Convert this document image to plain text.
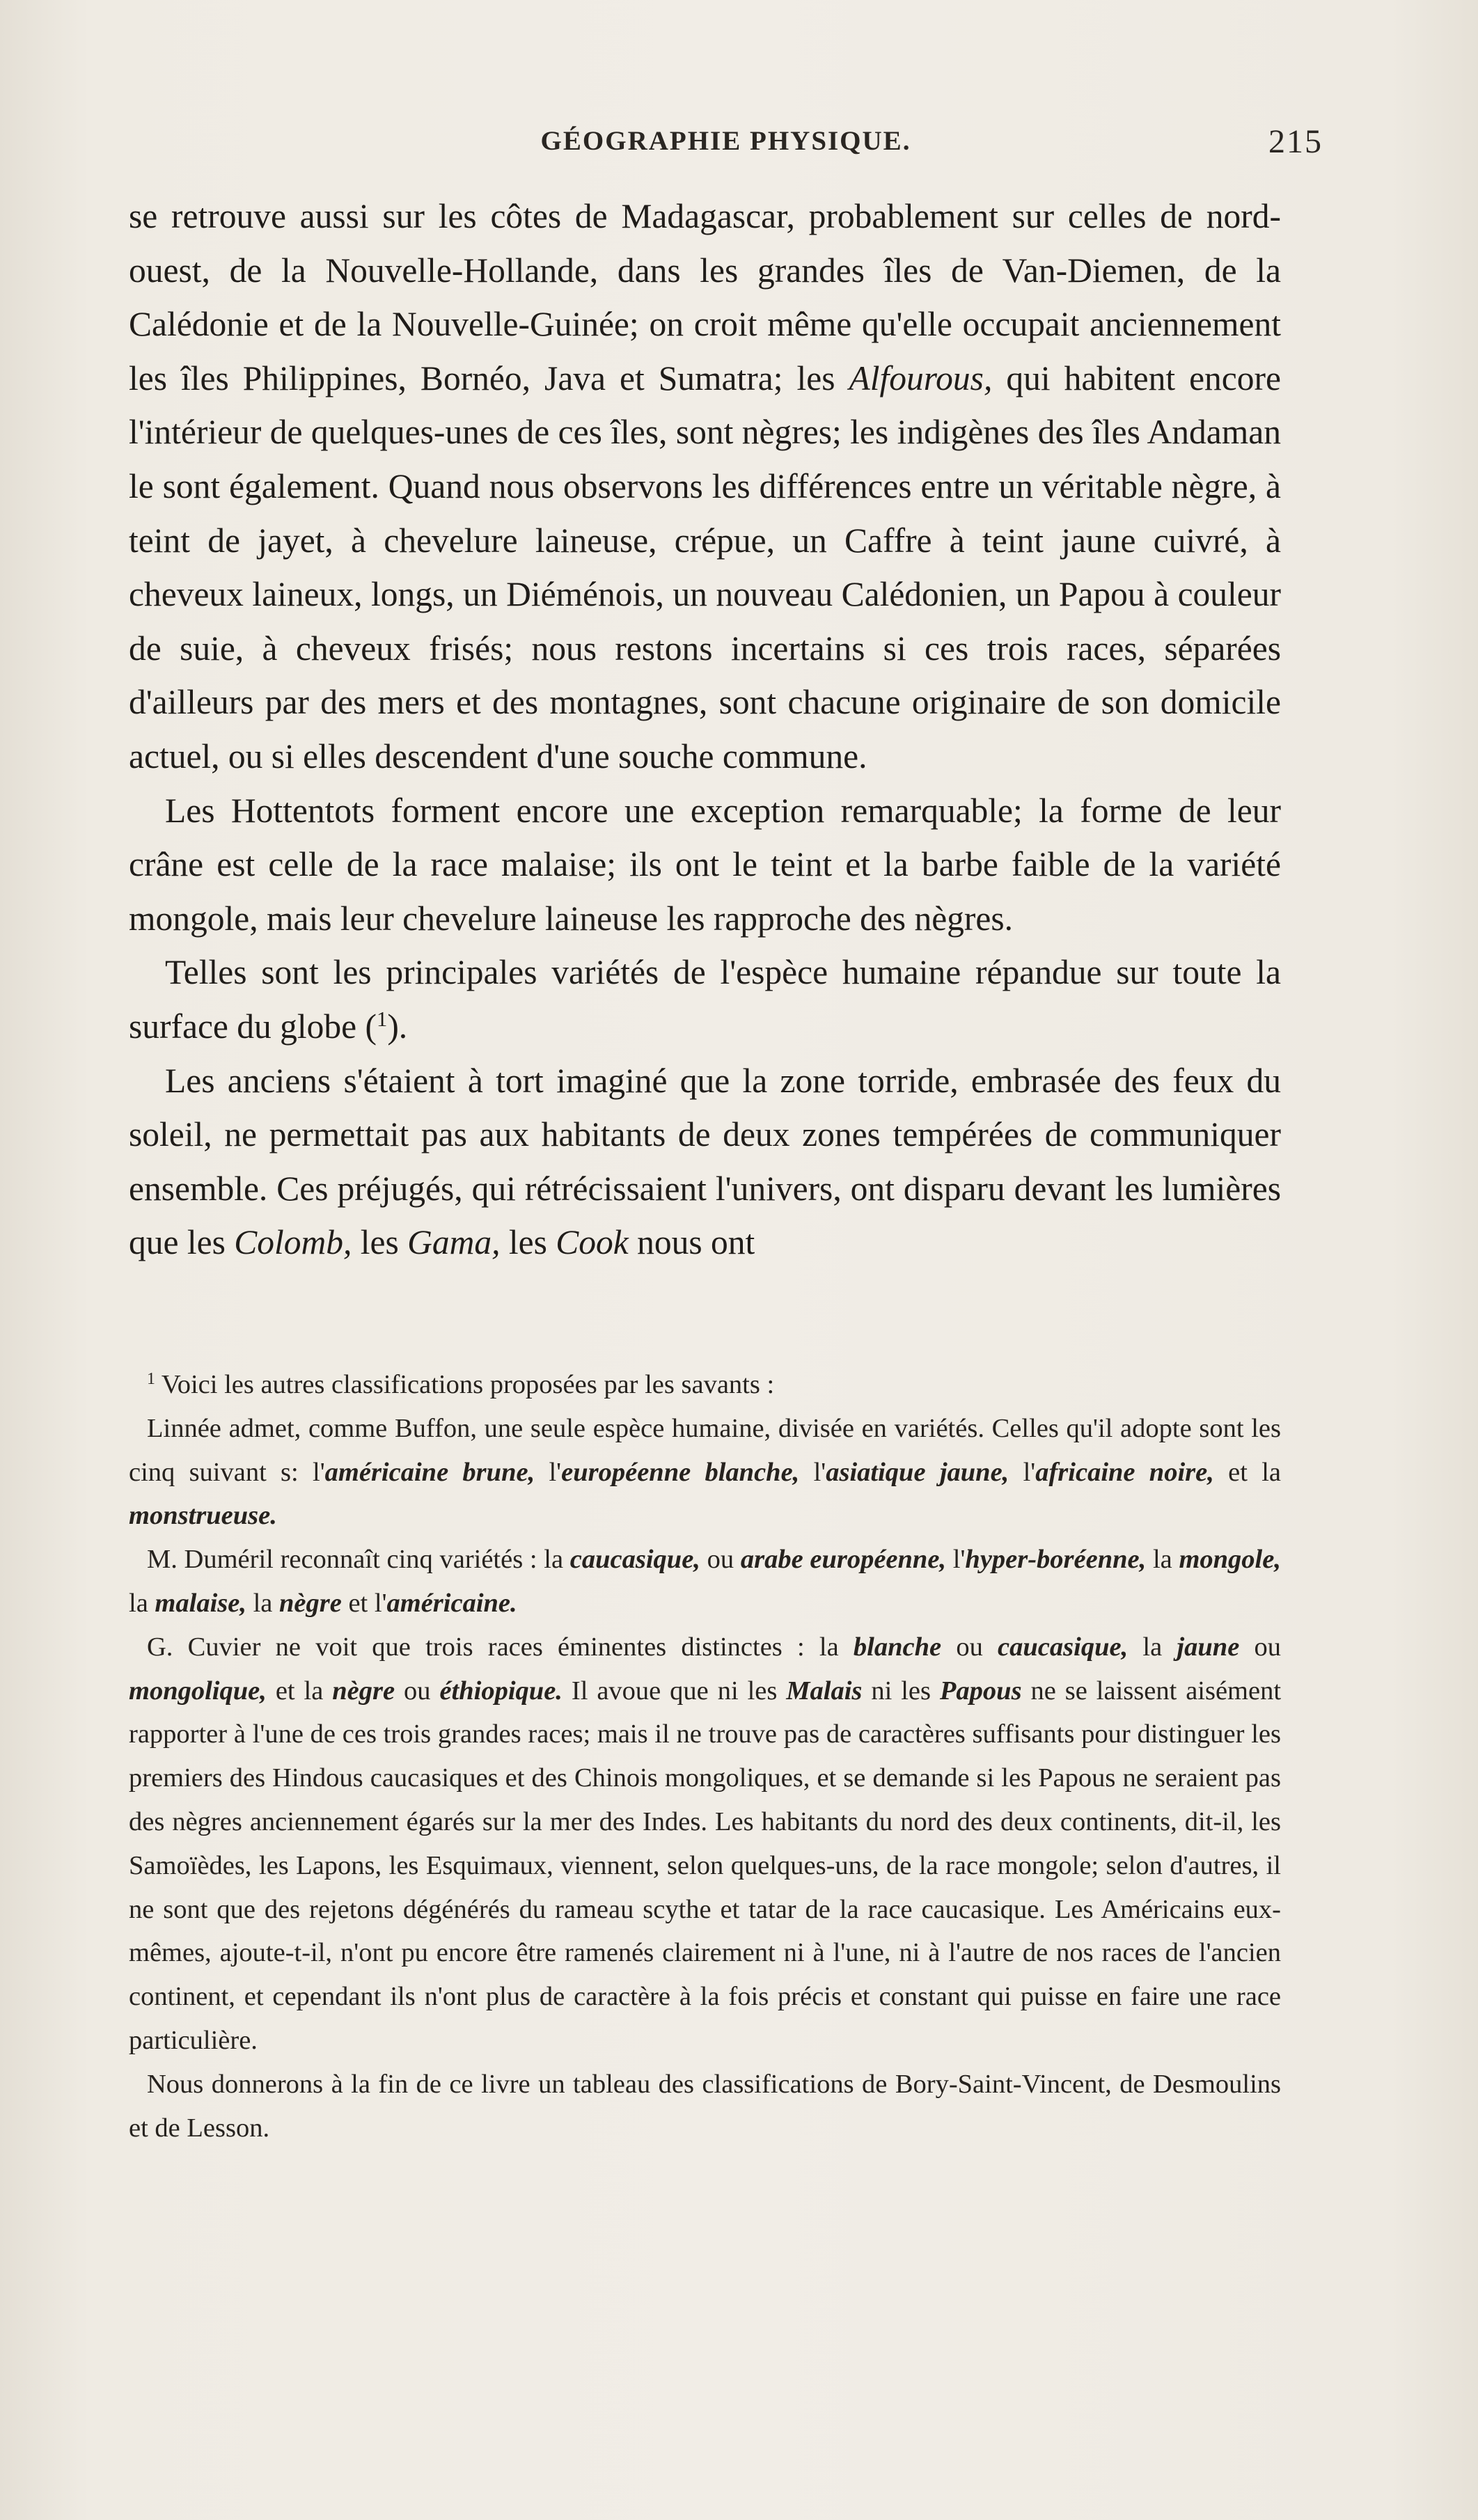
GÉOGRAPHIE PHYSIQUE.	215

se retrouve aussi sur les côtes de Madagascar, probablement sur celles de nord-ouest, de la Nouvelle-Hollande, dans les grandes îles de Van-Diemen, de la Calédonie et de la Nouvelle-Guinée; on croit même qu'elle occupait anciennement les îles Philippines, Bornéo, Java et Sumatra; les Alfourous, qui habitent encore l'intérieur de quelques-unes de ces îles, sont nègres; les indigènes des îles Andaman le sont également. Quand nous observons les différences entre un véritable nègre, à teint de jayet, à chevelure laineuse, crépue, un Caffre à teint jaune cuivré, à cheveux laineux, longs, un Diéménois, un nouveau Calédonien, un Papou à couleur de suie, à cheveux frisés; nous restons incertains si ces trois races, séparées d'ailleurs par des mers et des montagnes, sont chacune originaire de son domicile actuel, ou si elles descendent d'une souche commune.

Les Hottentots forment encore une exception remarquable; la forme de leur crâne est celle de la race malaise; ils ont le teint et la barbe faible de la variété mongole, mais leur chevelure laineuse les rapproche des nègres.

Telles sont les principales variétés de l'espèce humaine répandue sur toute la surface du globe ($^1$).

Les anciens s'étaient à tort imaginé que la zone torride, embrasée des feux du soleil, ne permettait pas aux habitants de deux zones tempérées de communiquer ensemble. Ces préjugés, qui rétrécissaient l'univers, ont disparu devant les lumières que les Colomb, les Gama, les Cook nous ont

$^1$ Voici les autres classifications proposées par les savants :

Linnée admet, comme Buffon, une seule espèce humaine, divisée en variétés. Celles qu'il adopte sont les cinq suivant s: l'américaine brune, l'européenne blanche, l'asiatique jaune, l'africaine noire, et la monstrueuse.

M. Duméril reconnaît cinq variétés : la caucasique, ou arabe européenne, l'hyper-boréenne, la mongole, la malaise, la nègre et l'américaine.

G. Cuvier ne voit que trois races éminentes distinctes : la blanche ou caucasique, la jaune ou mongolique, et la nègre ou éthiopique. Il avoue que ni les Malais ni les Papous ne se laissent aisément rapporter à l'une de ces trois grandes races; mais il ne trouve pas de caractères suffisants pour distinguer les premiers des Hindous caucasiques et des Chinois mongoliques, et se demande si les Papous ne seraient pas des nègres anciennement égarés sur la mer des Indes. Les habitants du nord des deux continents, dit-il, les Samoïèdes, les Lapons, les Esquimaux, viennent, selon quelques-uns, de la race mongole; selon d'autres, il ne sont que des rejetons dégénérés du rameau scythe et tatar de la race caucasique. Les Américains eux-mêmes, ajoute-t-il, n'ont pu encore être ramenés clairement ni à l'une, ni à l'autre de nos races de l'ancien continent, et cependant ils n'ont plus de caractère à la fois précis et constant qui puisse en faire une race particulière.

Nous donnerons à la fin de ce livre un tableau des classifications de Bory-Saint-Vincent, de Desmoulins et de Lesson.
